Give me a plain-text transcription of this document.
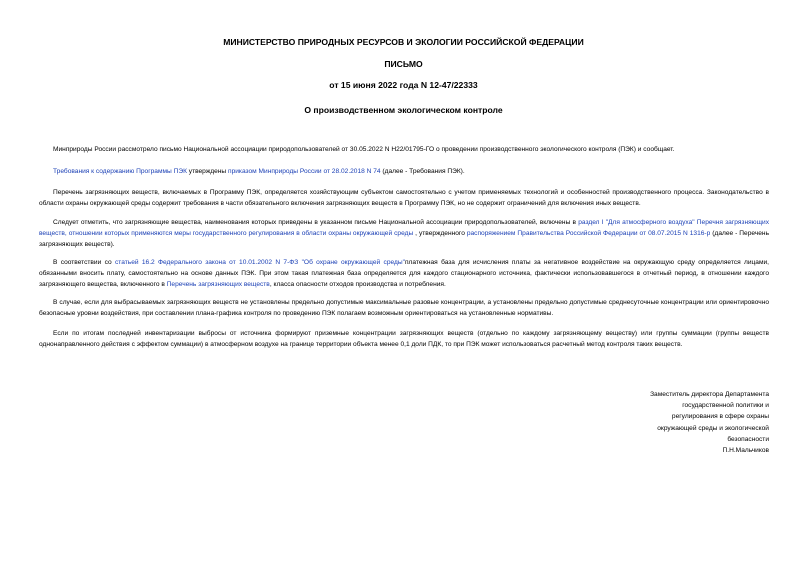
МИНИСТЕРСТВО ПРИРОДНЫХ РЕСУРСОВ И ЭКОЛОГИИ РОССИЙСКОЙ ФЕДЕРАЦИИ
ПИСЬМО
от 15 июня 2022 года N 12-47/22333
О производственном экологическом контроле

Минприроды России рассмотрело письмо Национальной ассоциации природопользователей от 30.05.2022 N H22/01795-ГО о проведении производственного экологического контроля (ПЭК) и сообщает.

Требования к содержанию Программы ПЭК утверждены приказом Минприроды России от 28.02.2018 N 74 (далее - Требования ПЭК).

Перечень загрязняющих веществ, включаемых в Программу ПЭК, определяется хозяйствующим субъектом самостоятельно с учетом применяемых технологий и особенностей производственного процесса. Законодательство в области охраны окружающей среды содержит требования в части обязательного включения загрязняющих веществ в Программу ПЭК, но не содержит ограничений для включения иных веществ.

Следует отметить, что загрязняющие вещества, наименования которых приведены в указанном письме Национальной ассоциации природопользователей, включены в раздел I "Для атмосферного воздуха" Перечня загрязняющих веществ, отношении которых применяются меры государственного регулирования в области охраны окружающей среды , утвержденного распоряжением Правительства Российской Федерации от 08.07.2015 N 1316-р (далее - Перечень загрязняющих веществ).

В соответствии со статьей 16.2 Федерального закона от 10.01.2002 N 7-ФЗ "Об охране окружающей среды"платежная база для исчисления платы за негативное воздействие на окружающую среду определяется лицами, обязанными вносить плату, самостоятельно на основе данных ПЭК. При этом такая платежная база определяется для каждого стационарного источника, фактически использовавшегося в отчетный период, в отношении каждого загрязняющего вещества, включенного в Перечень загрязняющих веществ, класса опасности отходов производства и потребления.

В случае, если для выбрасываемых загрязняющих веществ не установлены предельно допустимые максимальные разовые концентрации, а установлены предельно допустимые среднесуточные концентрации или ориентировочно безопасные уровни воздействия, при составлении плана-графика контроля по проведению ПЭК полагаем возможным ориентироваться на установленные нормативы.

Если по итогам последней инвентаризации выбросы от источника формируют приземные концентрации загрязняющих веществ (отдельно по каждому загрязняющему веществу) или группы суммации (группы веществ однонаправленного действия с эффектом суммации) в атмосферном воздухе на границе территории объекта менее 0,1 доли ПДК, то при ПЭК может использоваться расчетный метод контроля таких веществ.

Заместитель директора Департамента
государственной политики и
регулирования в сфере охраны
окружающей среды и экологической
безопасности
П.Н.Мальчиков
